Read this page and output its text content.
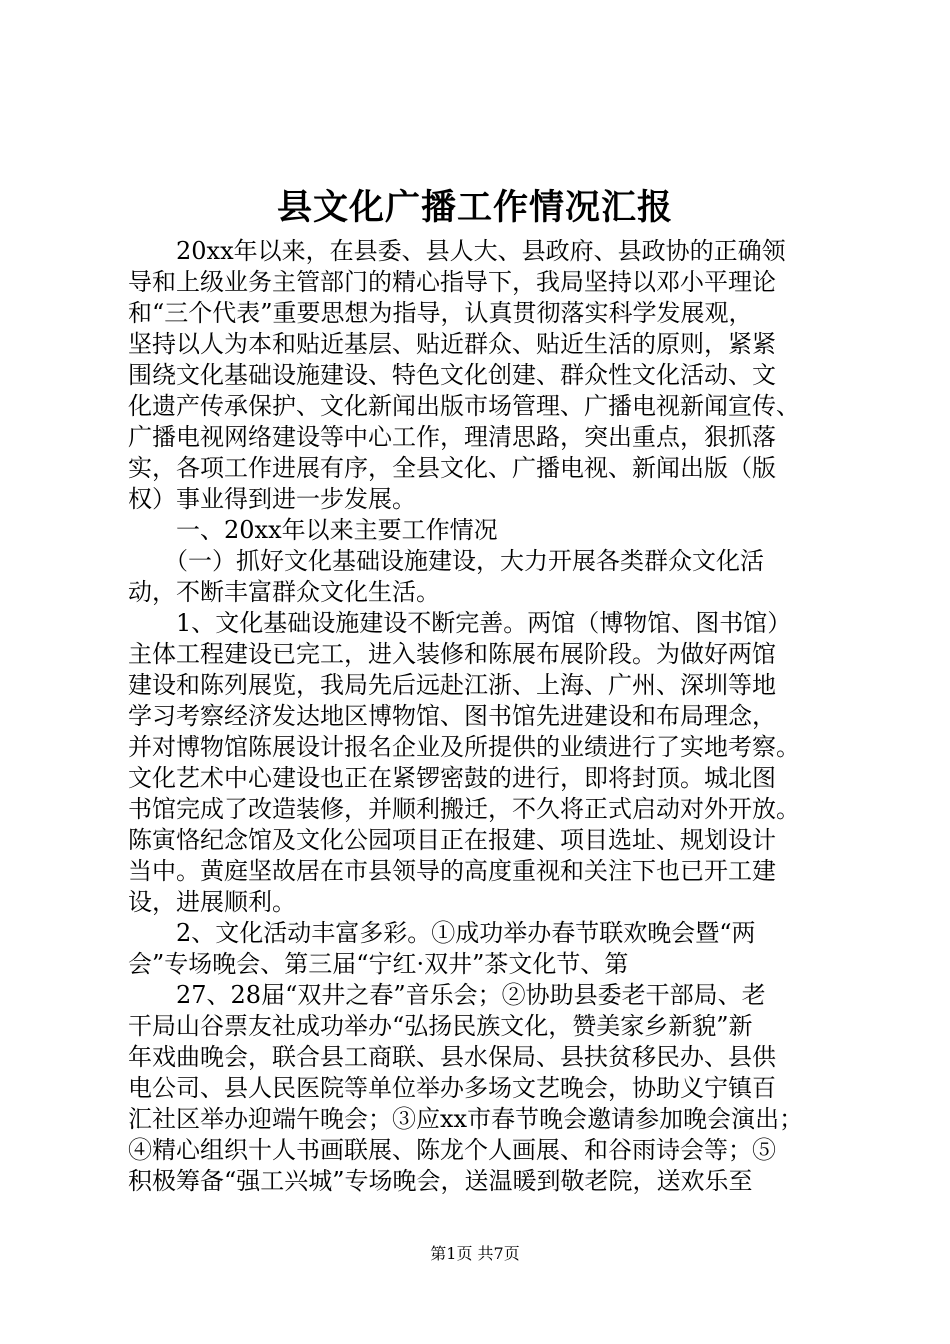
县文化广播工作情况汇报
　　20xx年以来，在县委、县人大、县政府、县政协的正确领
导和上级业务主管部门的精心指导下，我局坚持以邓小平理论
和“三个代表”重要思想为指导，认真贯彻落实科学发展观，
坚持以人为本和贴近基层、贴近群众、贴近生活的原则，紧紧
围绕文化基础设施建设、特色文化创建、群众性文化活动、文
化遗产传承保护、文化新闻出版市场管理、广播电视新闻宣传、
广播电视网络建设等中心工作，理清思路，突出重点，狠抓落
实，各项工作进展有序，全县文化、广播电视、新闻出版（版
权）事业得到进一步发展。
　　一、20xx年以来主要工作情况
　　（一）抓好文化基础设施建设，大力开展各类群众文化活
动，不断丰富群众文化生活。
　　1、文化基础设施建设不断完善。两馆（博物馆、图书馆）
主体工程建设已完工，进入装修和陈展布展阶段。为做好两馆
建设和陈列展览，我局先后远赴江浙、上海、广州、深圳等地
学习考察经济发达地区博物馆、图书馆先进建设和布局理念，
并对博物馆陈展设计报名企业及所提供的业绩进行了实地考察。
文化艺术中心建设也正在紧锣密鼓的进行，即将封顶。城北图
书馆完成了改造装修，并顺利搬迁，不久将正式启动对外开放。
陈寅恪纪念馆及文化公园项目正在报建、项目选址、规划设计
当中。黄庭坚故居在市县领导的高度重视和关注下也已开工建
设，进展顺利。
　　2、文化活动丰富多彩。①成功举办春节联欢晚会暨“两
会”专场晚会、第三届“宁红·双井”茶文化节、第
　　27、28届“双井之春”音乐会；②协助县委老干部局、老
干局山谷票友社成功举办“弘扬民族文化，赞美家乡新貌”新
年戏曲晚会，联合县工商联、县水保局、县扶贫移民办、县供
电公司、县人民医院等单位举办多场文艺晚会，协助义宁镇百
汇社区举办迎端午晚会；③应xx市春节晚会邀请参加晚会演出；
④精心组织十人书画联展、陈龙个人画展、和谷雨诗会等；⑤
积极筹备“强工兴城”专场晚会，送温暖到敬老院，送欢乐至
第1页 共7页
